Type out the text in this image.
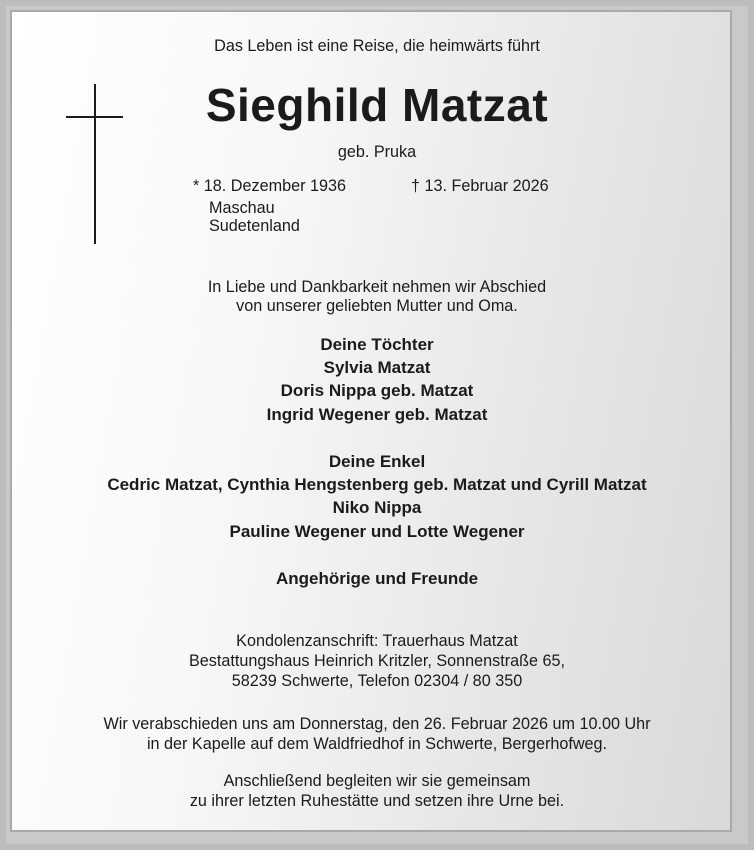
Das Leben ist eine Reise, die heimwärts führt
Sieghild Matzat
geb. Pruka
* 18. Dezember 1936	† 13. Februar 2026
Maschau
Sudetenland
In Liebe und Dankbarkeit nehmen wir Abschied
von unserer geliebten Mutter und Oma.
Deine Töchter
Sylvia Matzat
Doris Nippa geb. Matzat
Ingrid Wegener geb. Matzat
Deine Enkel
Cedric Matzat, Cynthia Hengstenberg geb. Matzat und Cyrill Matzat
Niko Nippa
Pauline Wegener und Lotte Wegener
Angehörige und Freunde
Kondolenzanschrift: Trauerhaus Matzat
Bestattungshaus Heinrich Kritzler, Sonnenstraße 65,
58239 Schwerte, Telefon 02304 / 80 350
Wir verabschieden uns am Donnerstag, den 26. Februar 2026 um 10.00 Uhr
in der Kapelle auf dem Waldfriedhof in Schwerte, Bergerhofweg.
Anschließend begleiten wir sie gemeinsam
zu ihrer letzten Ruhestätte und setzen ihre Urne bei.
